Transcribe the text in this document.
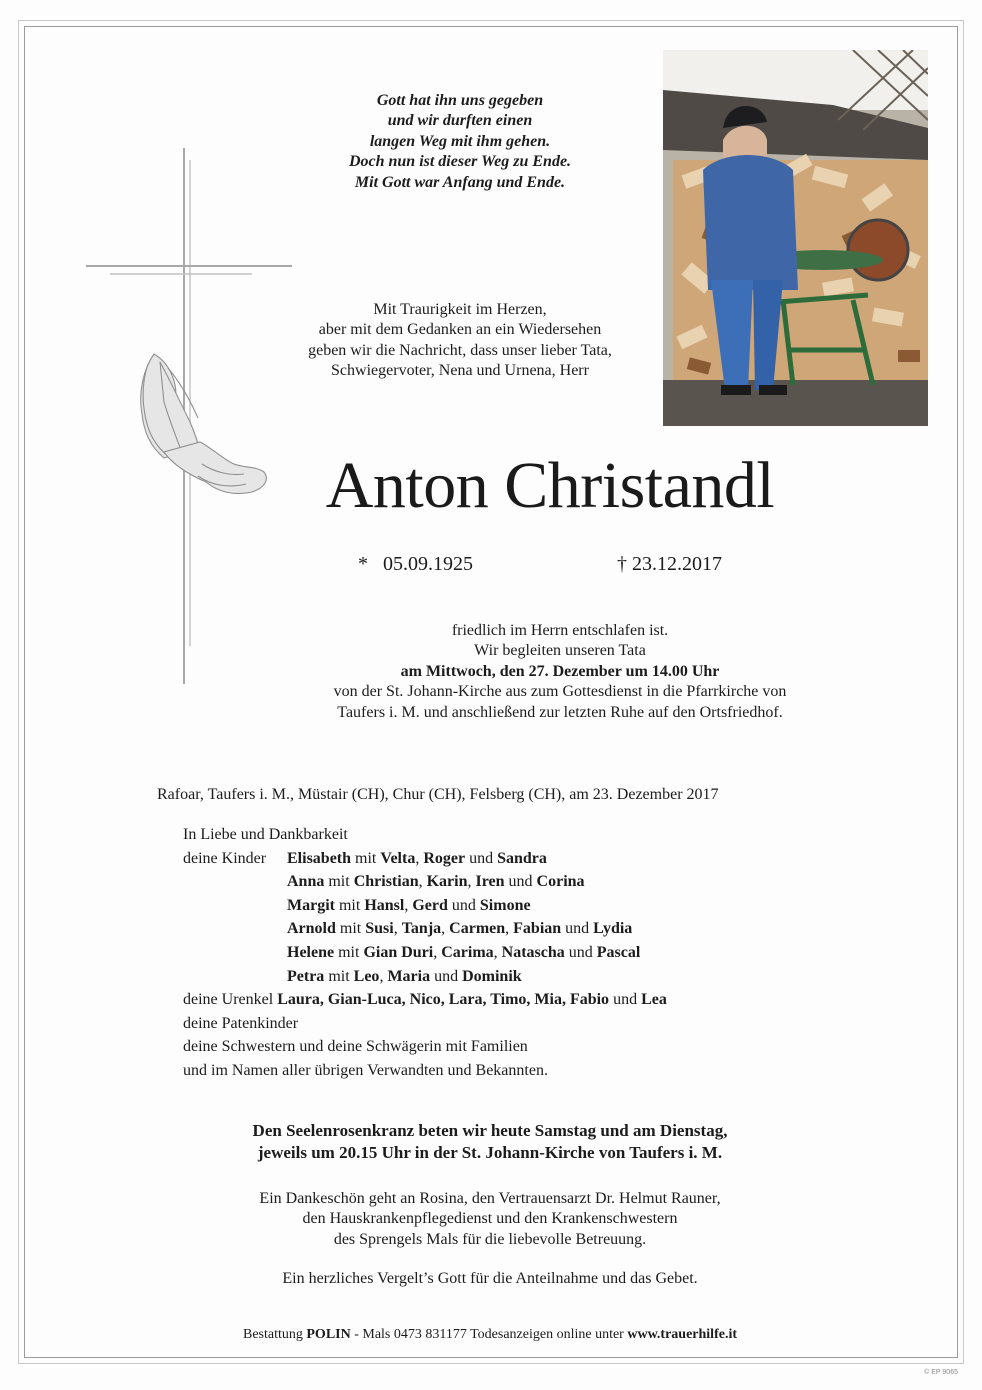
Gott hat ihn uns gegeben
und wir durften einen
langen Weg mit ihm gehen.
Doch nun ist dieser Weg zu Ende.
Mit Gott war Anfang und Ende.
Mit Traurigkeit im Herzen,
aber mit dem Gedanken an ein Wiedersehen
geben wir die Nachricht, dass unser lieber Tata,
Schwiegervoter, Nena und Urnena, Herr
Anton Christandl
* 05.09.1925	† 23.12.2017
friedlich im Herrn entschlafen ist.
Wir begleiten unseren Tata
am Mittwoch, den 27. Dezember um 14.00 Uhr
von der St. Johann-Kirche aus zum Gottesdienst in die Pfarrkirche von
Taufers i. M. und anschließend zur letzten Ruhe auf den Ortsfriedhof.
Rafoar, Taufers i. M., Müstair (CH), Chur (CH), Felsberg (CH), am 23. Dezember 2017
In Liebe und Dankbarkeit
deine Kinder Elisabeth mit Velta, Roger und Sandra
Anna mit Christian, Karin, Iren und Corina
Margit mit Hansl, Gerd und Simone
Arnold mit Susi, Tanja, Carmen, Fabian und Lydia
Helene mit Gian Duri, Carima, Natascha und Pascal
Petra mit Leo, Maria und Dominik
deine Urenkel Laura, Gian-Luca, Nico, Lara, Timo, Mia, Fabio und Lea
deine Patenkinder
deine Schwestern und deine Schwägerin mit Familien
und im Namen aller übrigen Verwandten und Bekannten.
Den Seelenrosenkranz beten wir heute Samstag und am Dienstag,
jeweils um 20.15 Uhr in der St. Johann-Kirche von Taufers i. M.
Ein Dankeschön geht an Rosina, den Vertrauensarzt Dr. Helmut Rauner,
den Hauskrankenpflegedienst und den Krankenschwestern
des Sprengels Mals für die liebevolle Betreuung.
Ein herzliches Vergelt’s Gott für die Anteilnahme und das Gebet.
Bestattung POLIN - Mals 0473 831177 Todesanzeigen online unter www.trauerhilfe.it
© EP 9065
